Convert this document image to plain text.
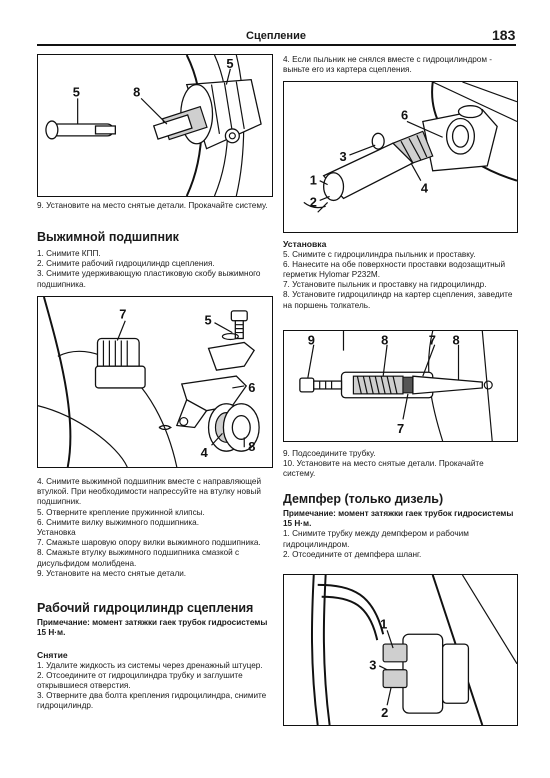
Сцепление	183
5	8
5
9. Установите на место снятые детали. Прокачайте систему.
Выжимной подшипник
1. Снимите КПП.
2. Снимите рабочий гидроцилиндр сцепления.
3. Снимите удерживающую пластиковую скобу выжимного подшипника.
7	5
6
4	8
4. Снимите выжимной подшипник вместе с направляющей втулкой. При необходимости напрессуйте на втулку новый подшипник.
5. Отверните крепление пружинной клипсы.
6. Снимите вилку выжимного подшипника.
Установка
7. Смажьте шаровую опору вилки выжимного подшипника.
8. Смажьте втулку выжимного подшипника смазкой с дисульфидом молибдена.
9. Установите на место снятые детали.
Рабочий гидроцилиндр сцепления
Примечание: момент затяжки гаек трубок гидросистемы 15 Н·м.
Снятие
1. Удалите жидкость из системы через дренажный штуцер.
2. Отсоедините от гидроцилиндра трубку и заглушите открывшиеся отверстия.
3. Отверните два болта крепления гидроцилиндра, снимите гидроцилиндр.
4. Если пыльник не снялся вместе с гидроцилиндром - выньте его из картера сцепления.
6
3
1
2
4
Установка
5. Снимите с гидроцилиндра пыльник и проставку.
6. Нанесите на обе поверхности проставки водозащитный герметик Hylomar P232M.
7. Установите пыльник и проставку на гидроцилиндр.
8. Установите гидроцилиндр на картер сцепления, заведите на поршень толкатель.
9	8	7 8
7
9. Подсоедините трубку.
10. Установите на место снятые детали. Прокачайте систему.
Демпфер (только дизель)
Примечание: момент затяжки гаек трубок гидросистемы 15 Н·м.
1. Снимите трубку между демпфером и рабочим гидроцилиндром.
2. Отсоедините от демпфера шланг.
1
3
2
